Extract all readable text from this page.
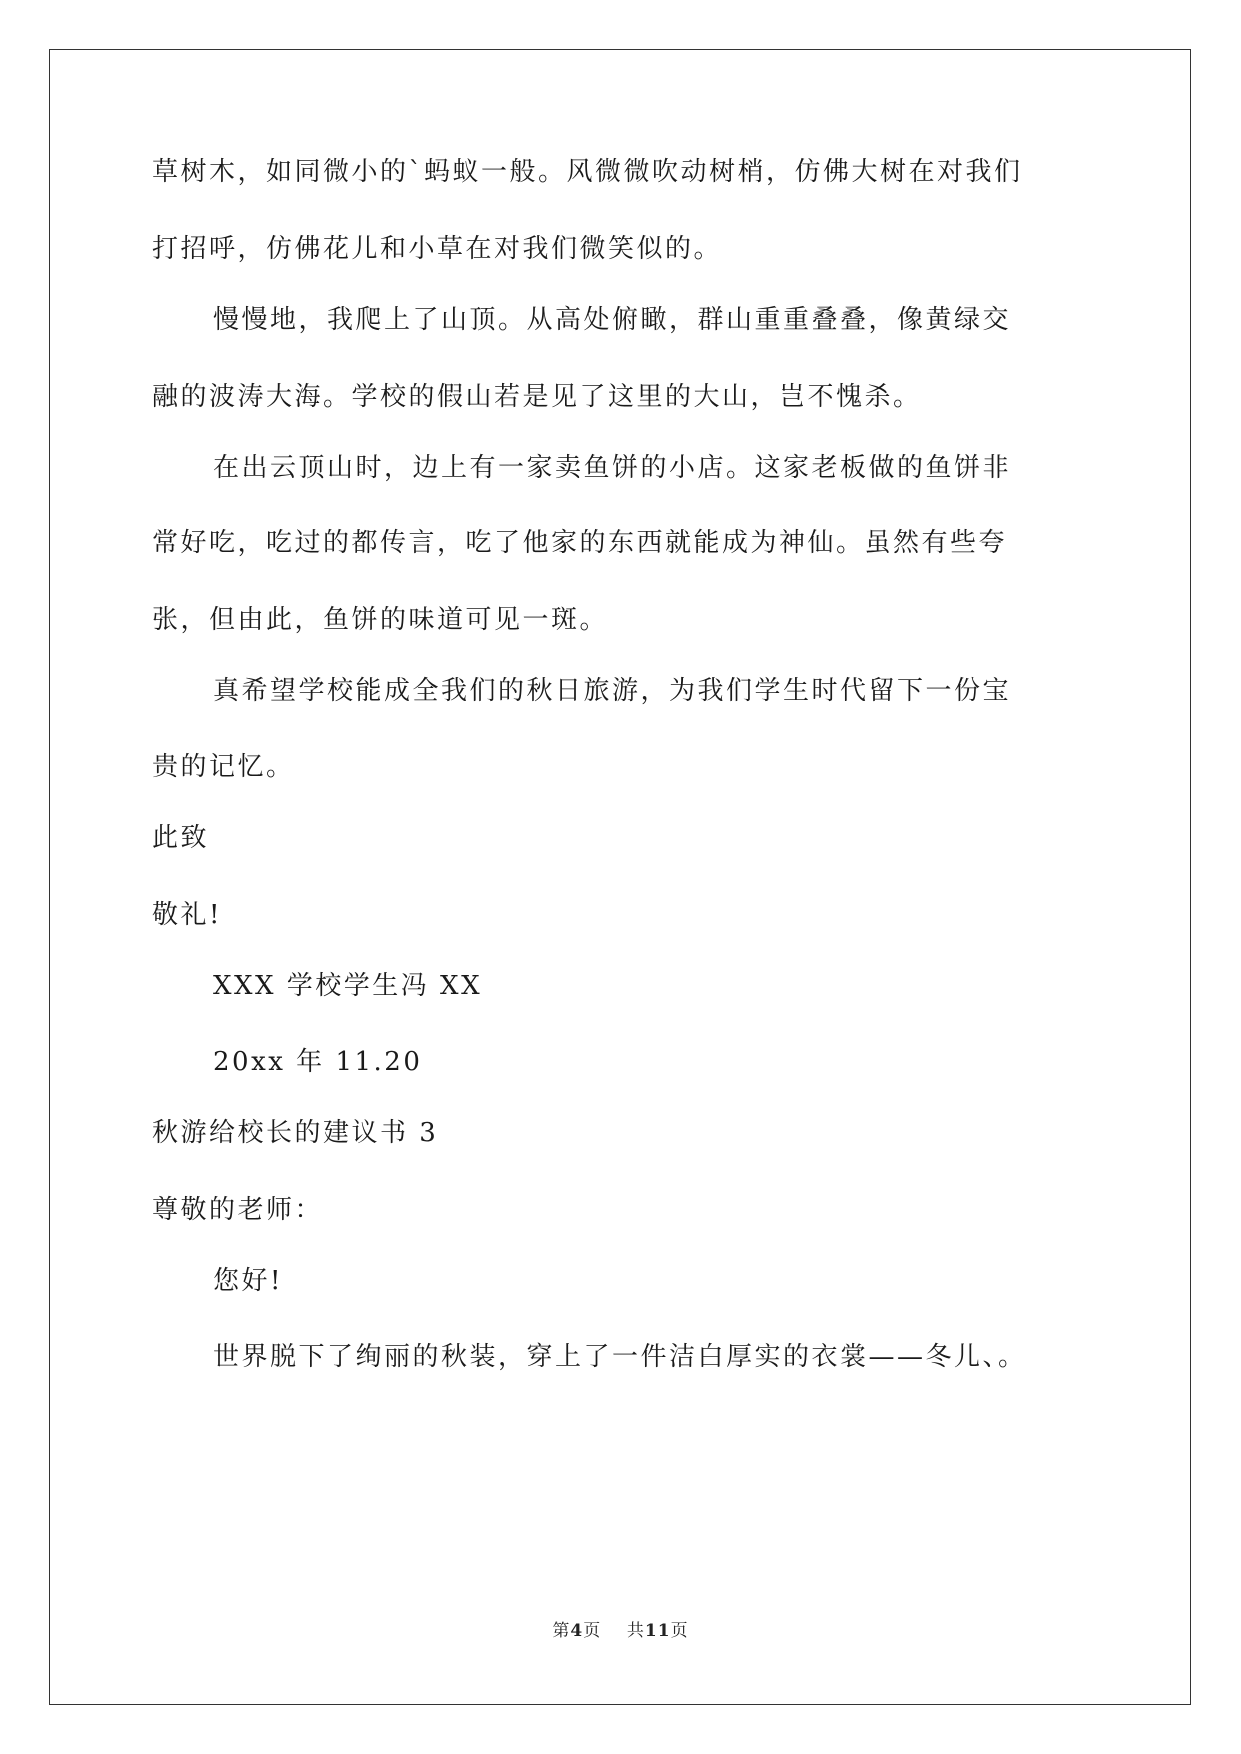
草树木，如同微小的`蚂蚁一般。风微微吹动树梢，仿佛大树在对我们
打招呼，仿佛花儿和小草在对我们微笑似的。
慢慢地，我爬上了山顶。从高处俯瞰，群山重重叠叠，像黄绿交
融的波涛大海。学校的假山若是见了这里的大山，岂不愧杀。
在出云顶山时，边上有一家卖鱼饼的小店。这家老板做的鱼饼非
常好吃，吃过的都传言，吃了他家的东西就能成为神仙。虽然有些夸
张，但由此，鱼饼的味道可见一斑。
真希望学校能成全我们的秋日旅游，为我们学生时代留下一份宝
贵的记忆。
此致
敬礼!
XXX 学校学生冯 XX
20xx 年 11.20
秋游给校长的建议书 3
尊敬的老师：
您好!
世界脱下了绚丽的秋装，穿上了一件洁白厚实的衣裳——冬儿、。
第4页    共11页
